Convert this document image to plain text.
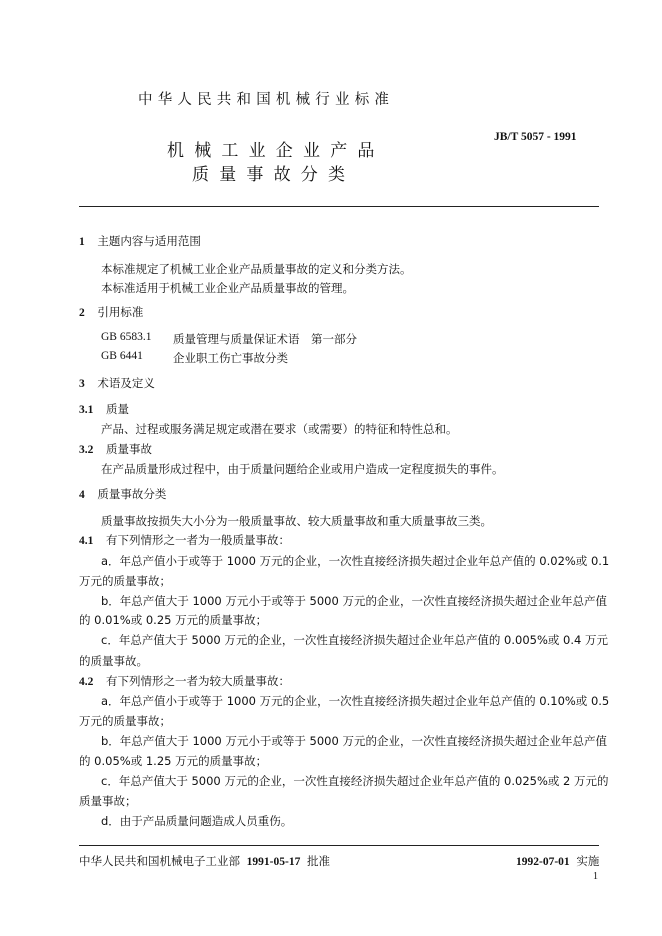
中华人民共和国机械行业标准
机械工业企业产品
质量事故分类
JB/T 5057 - 1991
1 主题内容与适用范围
本标准规定了机械工业企业产品质量事故的定义和分类方法。
本标准适用于机械工业企业产品质量事故的管理。
2 引用标准
GB 6583.1 质量管理与质量保证术语　第一部分
GB 6441	企业职工伤亡事故分类
3 术语及定义
3.1 质量
产品、过程或服务满足规定或潜在要求（或需要）的特征和特性总和。
3.2 质量事故
在产品质量形成过程中，由于质量问题给企业或用户造成一定程度损失的事件。
4 质量事故分类
质量事故按损失大小分为一般质量事故、较大质量事故和重大质量事故三类。
4.1 有下列情形之一者为一般质量事故：
a．年总产值小于或等于 1000 万元的企业，一次性直接经济损失超过企业年总产值的 0.02%或 0.1
万元的质量事故；
b．年总产值大于 1000 万元小于或等于 5000 万元的企业，一次性直接经济损失超过企业年总产值
的 0.01%或 0.25 万元的质量事故；
c．年总产值大于 5000 万元的企业，一次性直接经济损失超过企业年总产值的 0.005%或 0.4 万元
的质量事故。
4.2 有下列情形之一者为较大质量事故：
a．年总产值小于或等于 1000 万元的企业，一次性直接经济损失超过企业年总产值的 0.10%或 0.5
万元的质量事故；
b．年总产值大于 1000 万元小于或等于 5000 万元的企业，一次性直接经济损失超过企业年总产值
的 0.05%或 1.25 万元的质量事故；
c．年总产值大于 5000 万元的企业，一次性直接经济损失超过企业年总产值的 0.025%或 2 万元的
质量事故；
d．由于产品质量问题造成人员重伤。
中华人民共和国机械电子工业部 1991-05-17 批准	1992-07-01 实施
1
